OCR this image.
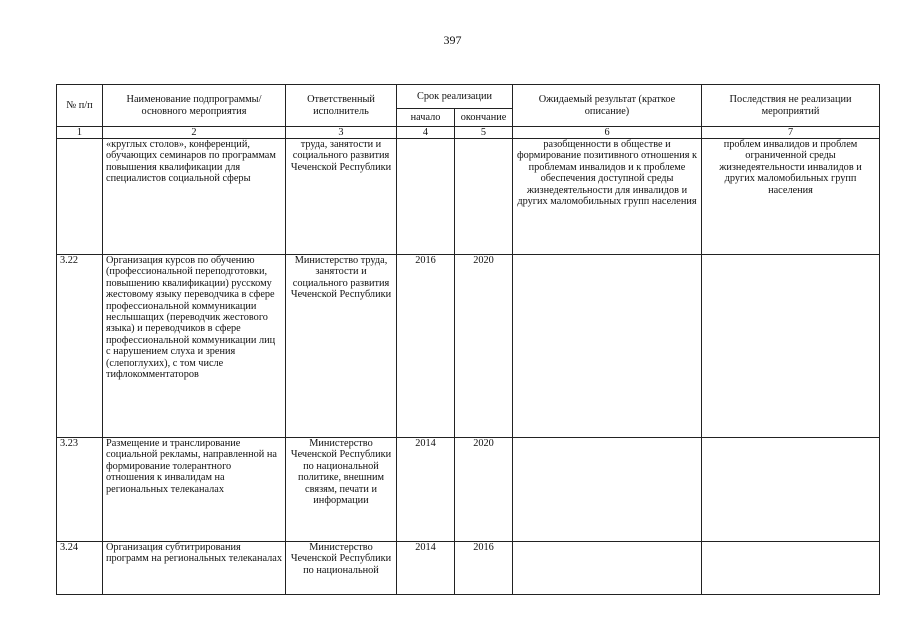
397
№ п/п	Наименование подпрограммы/ основного мероприятия	Ответственный исполнитель	Срок реализации		Ожидаемый результат (краткое описание)	Последствия не реализации мероприятий
			начало	окончание		
1	2	3	4	5	6	7
	«круглых столов», конференций, обучающих семинаров по программам повышения квалификации для специалистов социальной сферы	труда, занятости и социального развития Чеченской Республики			разобщенности в обществе и формирование позитивного отношения к проблемам инвалидов и к проблеме обеспечения доступной среды жизнедеятельности для инвалидов и других маломобильных групп населения	проблем инвалидов и проблем ограниченной среды жизнедеятельности инвалидов и других маломобильных групп населения
3.22	Организация курсов по обучению (профессиональной переподготовки, повышению квалификации) русскому жестовому языку переводчика в сфере профессиональной коммуникации неслышащих (переводчик жестового языка) и переводчиков в сфере профессиональной коммуникации лиц с нарушением слуха и зрения (слепоглухих), с том числе тифлокомментаторов	Министерство труда, занятости и социального развития Чеченской Республики	2016	2020		
3.23	Размещение и транслирование социальной рекламы, направленной на формирование толерантного отношения к инвалидам на региональных телеканалах	Министерство Чеченской Республики по национальной политике, внешним связям, печати и информации	2014	2020		
3.24	Организация субтитрирования программ на региональных телеканалах	Министерство Чеченской Республики по национальной	2014	2016		
